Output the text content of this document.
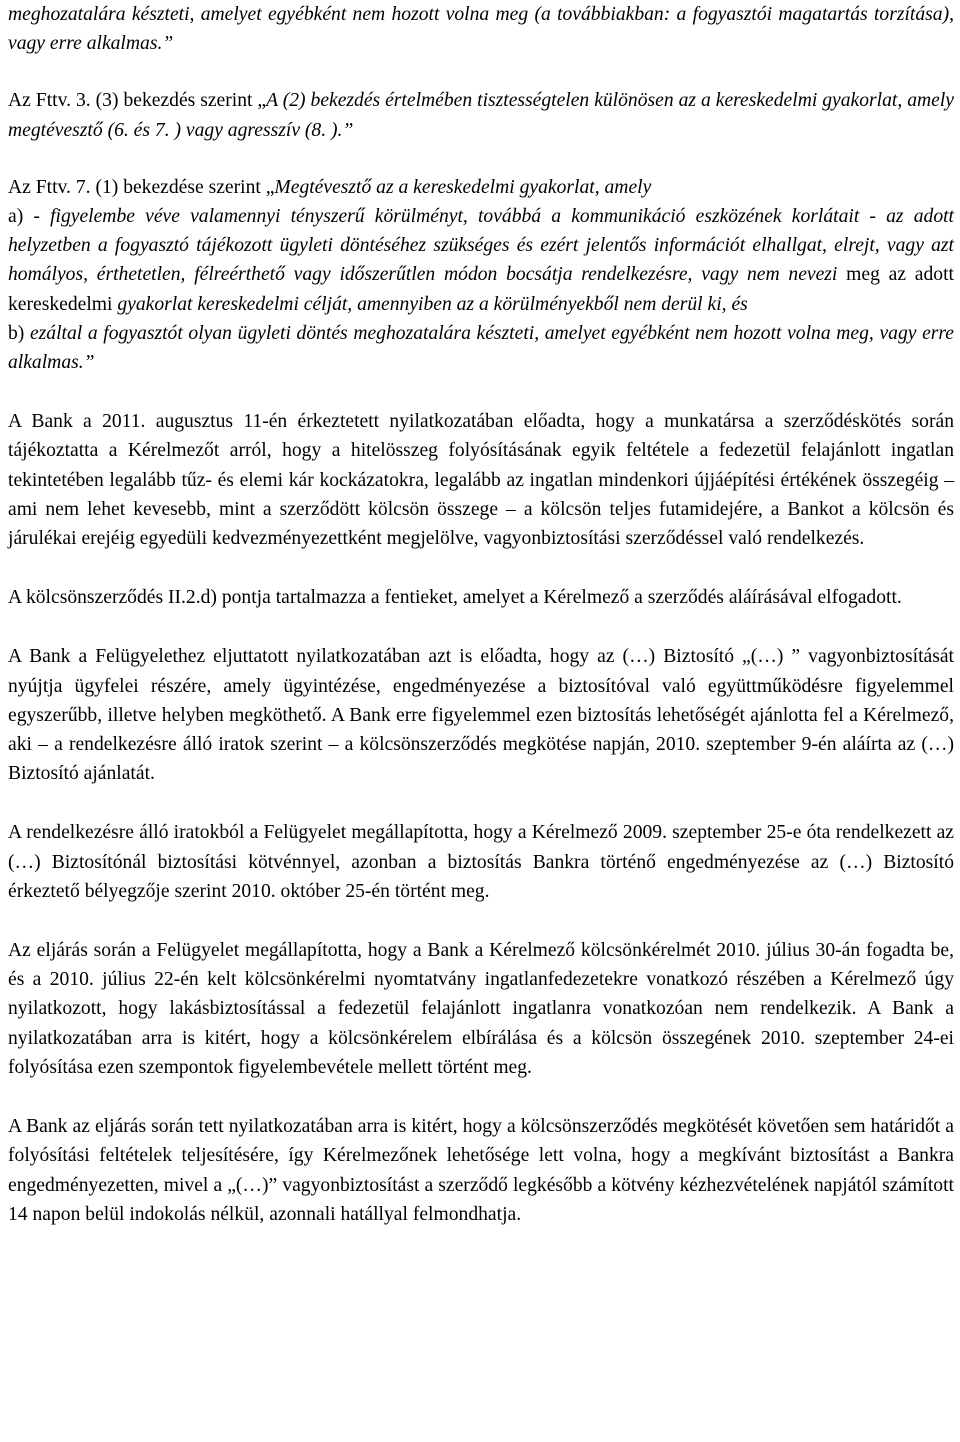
meghozatalára készteti, amelyet egyébként nem hozott volna meg (a továbbiakban: a fogyasztói magatartás torzítása), vagy erre alkalmas.”
Az Fttv. 3. (3) bekezdés szerint „A (2) bekezdés értelmében tisztességtelen különösen az a kereskedelmi gyakorlat, amely megtévesztő (6. és 7. ) vagy agresszív (8. ).”
Az Fttv. 7. (1) bekezdése szerint „Megtévesztő az a kereskedelmi gyakorlat, amely
a) - figyelembe véve valamennyi tényszerű körülményt, továbbá a kommunikáció eszközének korlátait - az adott helyzetben a fogyasztó tájékozott ügyleti döntéséhez szükséges és ezért jelentős információt elhallgat, elrejt, vagy azt homályos, érthetetlen, félreérthető vagy időszerűtlen módon bocsátja rendelkezésre, vagy nem nevezi meg az adott kereskedelmi gyakorlat kereskedelmi célját, amennyiben az a körülményekből nem derül ki, és
b) ezáltal a fogyasztót olyan ügyleti döntés meghozatalára készteti, amelyet egyébként nem hozott volna meg, vagy erre alkalmas.”
A Bank a 2011. augusztus 11-én érkeztetett nyilatkozatában előadta, hogy a munkatársa a szerződéskötés során tájékoztatta a Kérelmezőt arról, hogy a hitelösszeg folyósításának egyik feltétele a fedezetül felajánlott ingatlan tekintetében legalább tűz- és elemi kár kockázatokra, legalább az ingatlan mindenkori újjáépítési értékének összegéig – ami nem lehet kevesebb, mint a szerződött kölcsön összege – a kölcsön teljes futamidejére, a Bankot a kölcsön és járulékai erejéig egyedüli kedvezményezettként megjelölve, vagyonbiztosítási szerződéssel való rendelkezés.
A kölcsönszerződés II.2.d) pontja tartalmazza a fentieket, amelyet a Kérelmező a szerződés aláírásával elfogadott.
A Bank a Felügyelethez eljuttatott nyilatkozatában azt is előadta, hogy az (…) Biztosító „(…) ” vagyonbiztosítását nyújtja ügyfelei részére, amely ügyintézése, engedményezése a biztosítóval való együttműködésre figyelemmel egyszerűbb, illetve helyben megköthető. A Bank erre figyelemmel ezen biztosítás lehetőségét ajánlotta fel a Kérelmező, aki – a rendelkezésre álló iratok szerint – a kölcsönszerződés megkötése napján, 2010. szeptember 9-én aláírta az (…) Biztosító ajánlatát.
A rendelkezésre álló iratokból a Felügyelet megállapította, hogy a Kérelmező 2009. szeptember 25-e óta rendelkezett az (…) Biztosítónál biztosítási kötvénnyel, azonban a biztosítás Bankra történő engedményezése az (…) Biztosító érkeztető bélyegzője szerint 2010. október 25-én történt meg.
Az eljárás során a Felügyelet megállapította, hogy a Bank a Kérelmező kölcsönkérelmét 2010. július 30-án fogadta be, és a 2010. július 22-én kelt kölcsönkérelmi nyomtatvány ingatlanfedezetekre vonatkozó részében a Kérelmező úgy nyilatkozott, hogy lakásbiztosítással a fedezetül felajánlott ingatlanra vonatkozóan nem rendelkezik. A Bank a nyilatkozatában arra is kitért, hogy a kölcsönkérelem elbírálása és a kölcsön összegének 2010. szeptember 24-ei folyósítása ezen szempontok figyelembevétele mellett történt meg.
A Bank az eljárás során tett nyilatkozatában arra is kitért, hogy a kölcsönszerződés megkötését követően sem határidőt a folyósítási feltételek teljesítésére, így Kérelmezőnek lehetősége lett volna, hogy a megkívánt biztosítást a Bankra engedményezetten, mivel a „(…)” vagyonbiztosítást a szerződő legkésőbb a kötvény kézhezvételének napjától számított 14 napon belül indokolás nélkül, azonnali hatállyal felmondhatja.
